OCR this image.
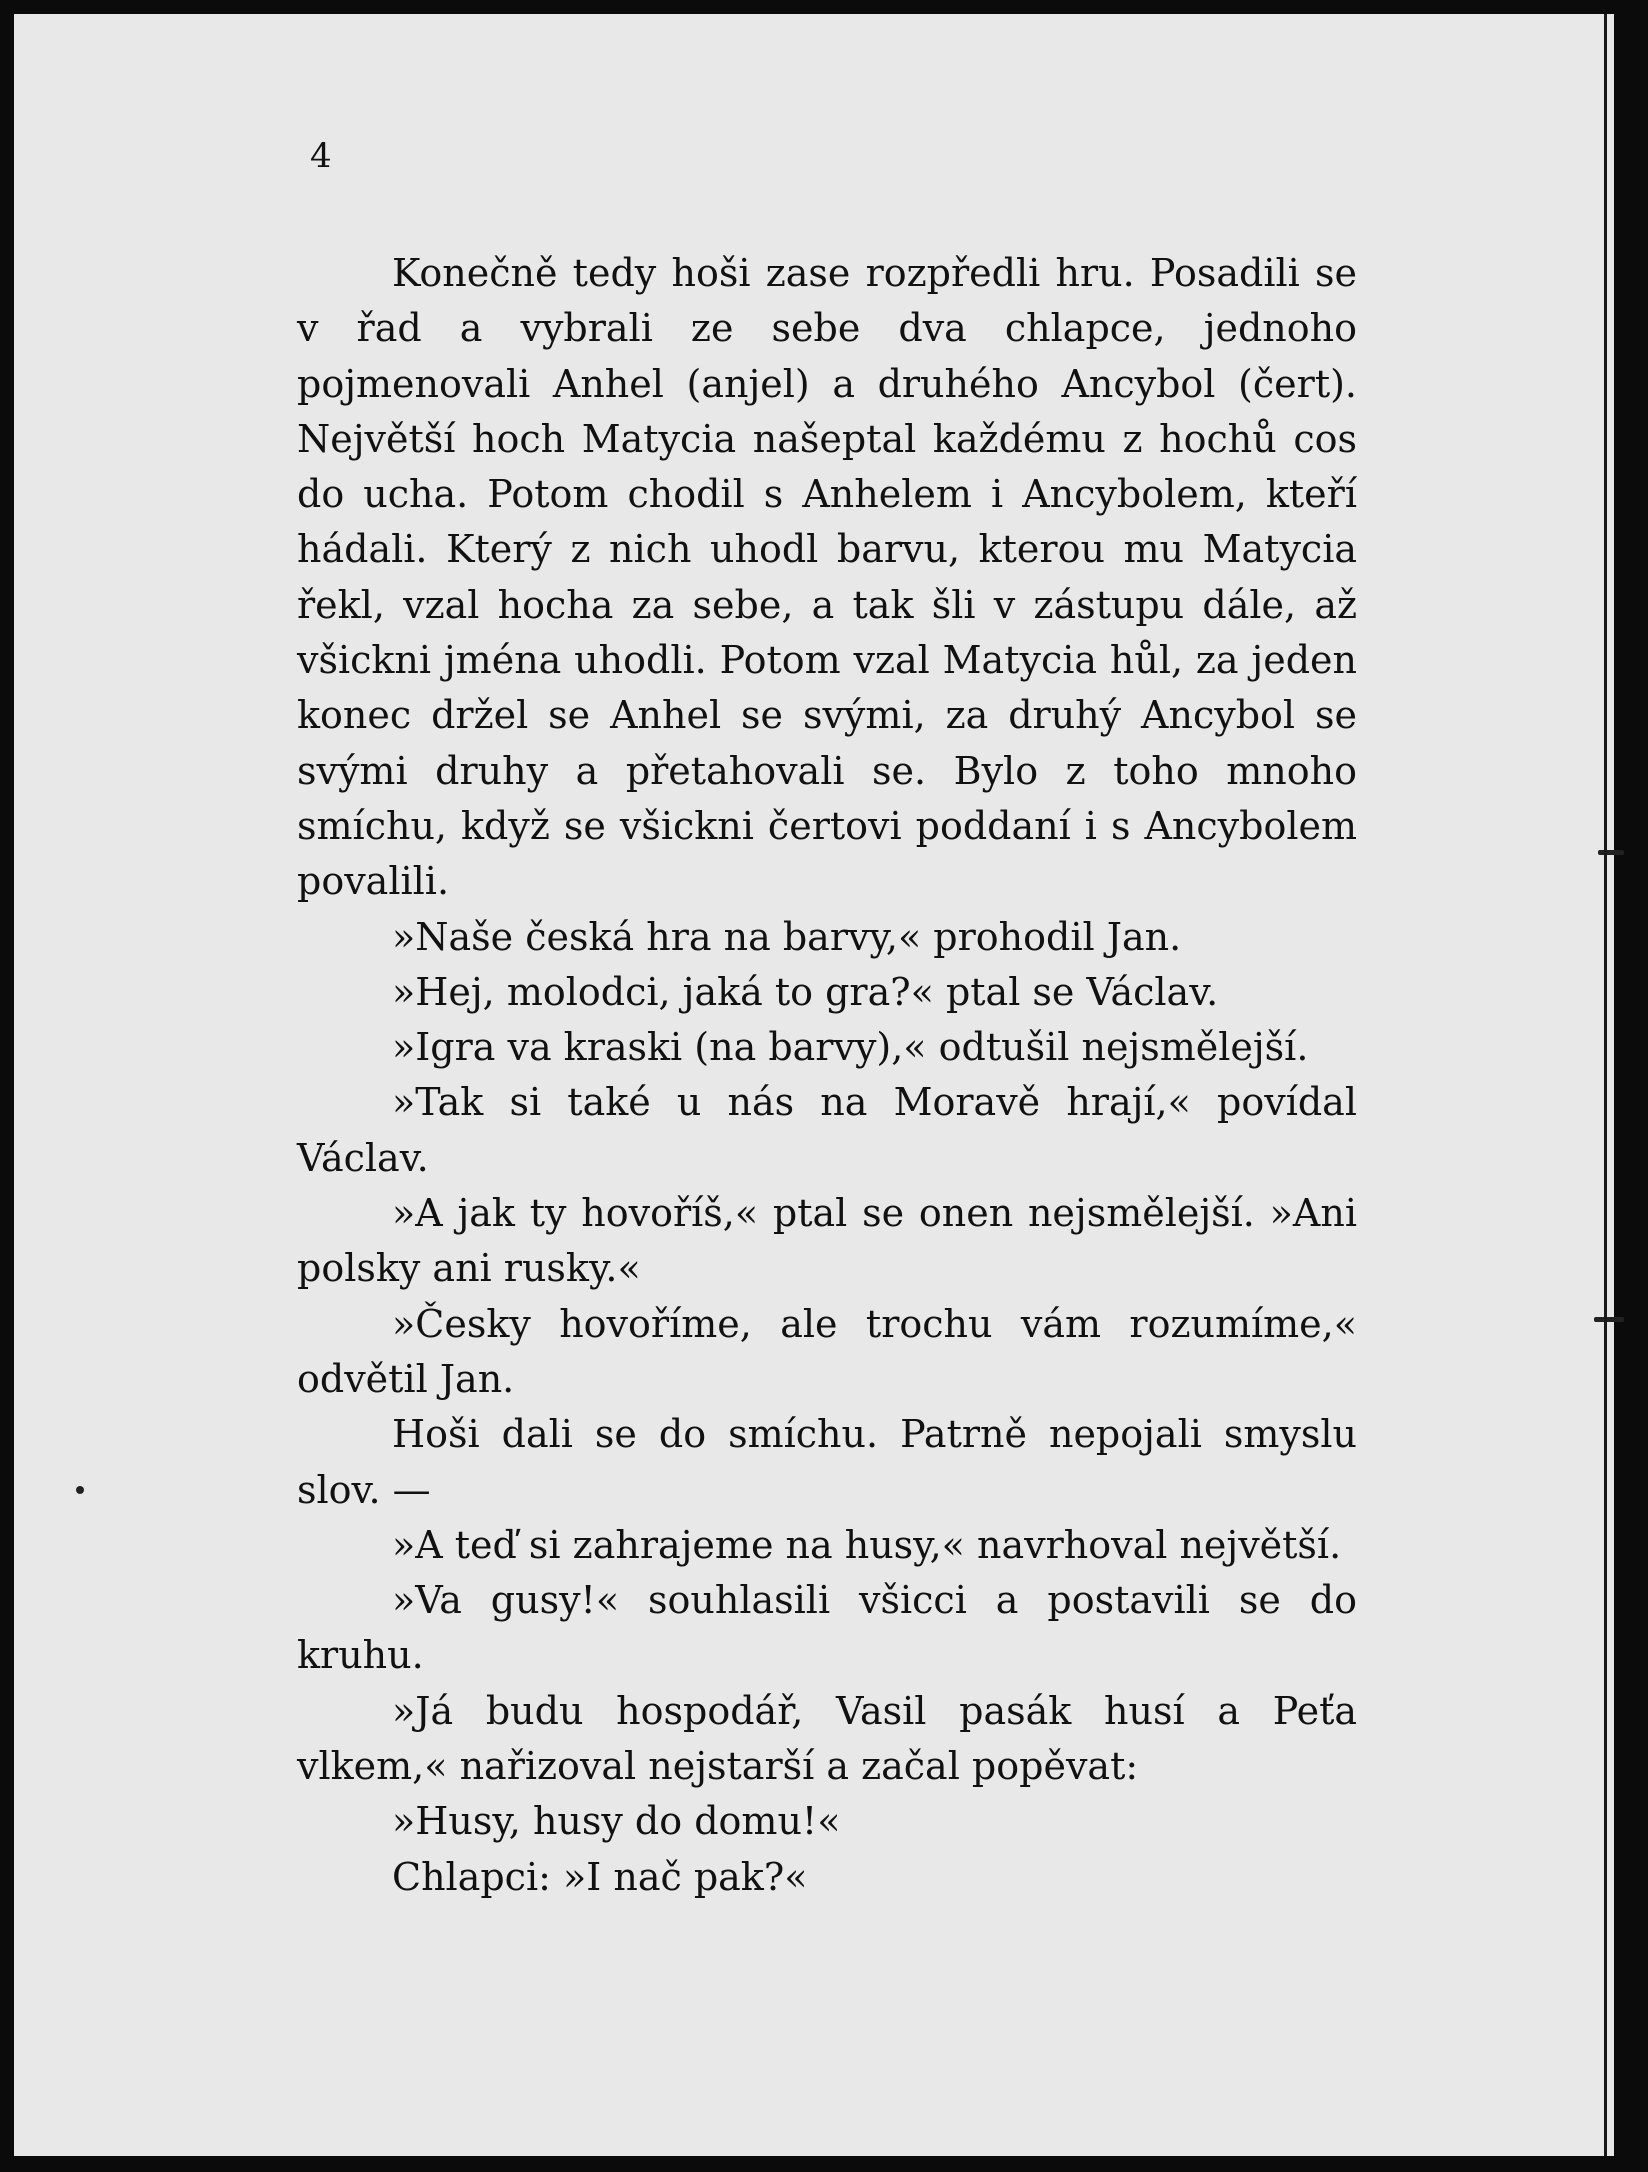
4

Konečně tedy hoši zase rozpředli hru. Posadili se v řad a vybrali ze sebe dva chlapce, jednoho pojmenovali Anhel (anjel) a druhého Ancybol (čert). Největší hoch Matycia našeptal každému z hochů cos do ucha. Potom chodil s Anhelem i Ancybolem, kteří hádali. Který z nich uhodl barvu, kterou mu Matycia řekl, vzal hocha za sebe, a tak šli v zástupu dále, až všickni jména uhodli. Potom vzal Matycia hůl, za jeden konec držel se Anhel se svými, za druhý Ancybol se svými druhy a přetahovali se. Bylo z toho mnoho smíchu, když se všickni čertovi poddaní i s Ancybolem povalili.

»Naše česká hra na barvy,« prohodil Jan.

»Hej, molodci, jaká to gra?« ptal se Václav.

»Igra va kraski (na barvy),« odtušil nejsmělejší.

»Tak si také u nás na Moravě hrají,« povídal Václav.

»A jak ty hovoříš,« ptal se onen nejsmělejší. »Ani polsky ani rusky.«

»Česky hovoříme, ale trochu vám rozumíme,« odvětil Jan.

Hoši dali se do smíchu. Patrně nepojali smyslu slov. —

»A teď si zahrajeme na husy,« navrhoval největší.

»Va gusy!« souhlasili všicci a postavili se do kruhu.

»Já budu hospodář, Vasil pasák husí a Peťa vlkem,« nařizoval nejstarší a začal popěvat:

»Husy, husy do domu!«

Chlapci: »I nač pak?«
